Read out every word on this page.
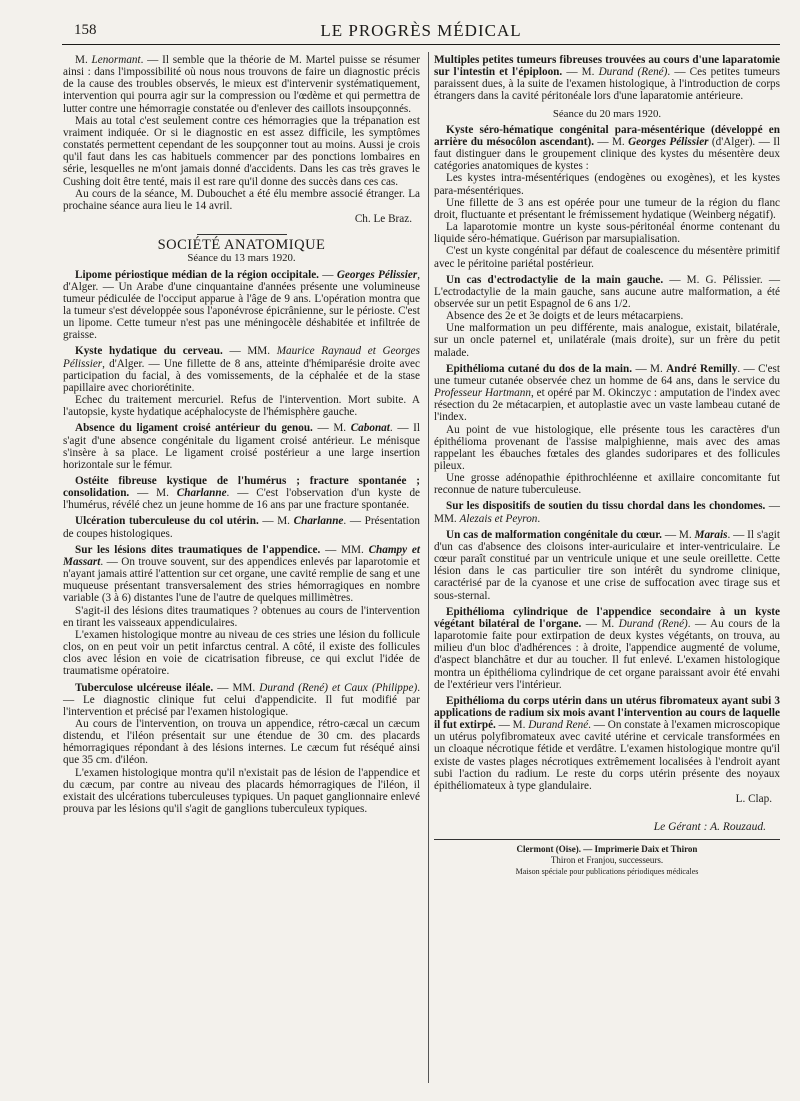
158	LE PROGRÈS MÉDICAL

M. Lenormant. — Il semble que la théorie de M. Martel puisse se résumer ainsi : dans l'impossibilité où nous nous trouvons de faire un diagnostic précis de la cause des troubles observés, le mieux est d'intervenir systématiquement, intervention qui pourra agir sur la compression ou l'œdème et qui permettra de lutter contre une hémorragie constatée ou d'enlever des caillots insoupçonnés.

Mais au total c'est seulement contre ces hémorragies que la trépanation est vraiment indiquée. Or si le diagnostic en est assez difficile, les symptômes constatés permettent cependant de les soupçonner tout au moins. Aussi je crois qu'il faut dans les cas habituels commencer par des ponctions lombaires en série, lesquelles ne m'ont jamais donné d'accidents. Dans les cas très graves le Cushing doit être tenté, mais il est rare qu'il donne des succès dans ces cas.

Au cours de la séance, M. Dubouchet a été élu membre associé étranger. La prochaine séance aura lieu le 14 avril.

Ch. Le Braz.
SOCIÉTÉ ANATOMIQUE
Séance du 13 mars 1920.

Lipome périostique médian de la région occipitale. — Georges Pélissier, d'Alger. — Un Arabe d'une cinquantaine d'années présente une volumineuse tumeur pédiculée de l'occiput apparue à l'âge de 9 ans. L'opération montra que la tumeur s'est développée sous l'aponévrose épicrânienne, sur le périoste. C'est un lipome. Cette tumeur n'est pas une méningocèle déshabitée et infiltrée de graisse.

Kyste hydatique du cerveau. — MM. Maurice Raynaud et Georges Pélissier, d'Alger. — Une fillette de 8 ans, atteinte d'hémiparésie droite avec participation du facial, à des vomissements, de la céphalée et de la stase papillaire avec choriorétinite.

Echec du traitement mercuriel. Refus de l'intervention. Mort subite. A l'autopsie, kyste hydatique acéphalocyste de l'hémisphère gauche.

Absence du ligament croisé antérieur du genou. — M. Cabonat. — Il s'agit d'une absence congénitale du ligament croisé antérieur. Le ménisque s'insère à sa place. Le ligament croisé postérieur a une large insertion horizontale sur le fémur.

Ostéite fibreuse kystique de l'humérus ; fracture spontanée ; consolidation. — M. Charlanne. — C'est l'observation d'un kyste de l'humérus, révélé chez un jeune homme de 16 ans par une fracture spontanée.

Ulcération tuberculeuse du col utérin. — M. Charlanne. — Présentation de coupes histologiques.

Sur les lésions dites traumatiques de l'appendice. — MM. Champy et Massart. — On trouve souvent, sur des appendices enlevés par laparotomie et n'ayant jamais attiré l'attention sur cet organe, une cavité remplie de sang et une muqueuse présentant transversalement des stries hémorragiques en nombre variable (3 à 6) distantes l'une de l'autre de quelques millimètres.

S'agit-il des lésions dites traumatiques ? obtenues au cours de l'intervention en tirant les vaisseaux appendiculaires.

L'examen histologique montre au niveau de ces stries une lésion du follicule clos, on en peut voir un petit infarctus central. A côté, il existe des follicules clos avec lésion en voie de cicatrisation fibreuse, ce qui exclut l'idée de traumatisme opératoire.

Tuberculose ulcéreuse iléale. — MM. Durand (René) et Caux (Philippe). — Le diagnostic clinique fut celui d'appendicite. Il fut modifié par l'intervention et précisé par l'examen histologique.

Au cours de l'intervention, on trouva un appendice, rétro-cæcal un cæcum distendu, et l'iléon présentait sur une étendue de 30 cm. des placards hémorragiques répondant à des lésions internes. Le cæcum fut réséqué ainsi que 35 cm. d'iléon.

L'examen histologique montra qu'il n'existait pas de lésion de l'appendice et du cæcum, par contre au niveau des placards hémorragiques de l'iléon, il existait des ulcérations tuberculeuses typiques. Un paquet ganglionnaire enlevé prouva par les lésions qu'il s'agit de ganglions tuberculeux typiques.

Multiples petites tumeurs fibreuses trouvées au cours d'une laparatomie sur l'intestin et l'épiploon. — M. Durand (René). — Ces petites tumeurs paraissent dues, à la suite de l'examen histologique, à l'introduction de corps étrangers dans la cavité péritonéale lors d'une laparatomie antérieure.

Séance du 20 mars 1920.

Kyste séro-hématique congénital para-mésentérique (développé en arrière du mésocôlon ascendant). — M. Georges Pélissier (d'Alger). — Il faut distinguer dans le groupement clinique des kystes du mésentère deux catégories anatomiques de kystes :

Les kystes intra-mésentériques (endogènes ou exogènes), et les kystes para-mésentériques.

Une fillette de 3 ans est opérée pour une tumeur de la région du flanc droit, fluctuante et présentant le frémissement hydatique (Weinberg négatif).

La laparotomie montre un kyste sous-péritonéal énorme contenant du liquide séro-hématique. Guérison par marsupialisation.

C'est un kyste congénital par défaut de coalescence du mésentère primitif avec le péritoine pariétal postérieur.

Un cas d'ectrodactylie de la main gauche. — M. G. Pélissier. — L'ectrodactylie de la main gauche, sans aucune autre malformation, a été observée sur un petit Espagnol de 6 ans 1/2.

Absence des 2e et 3e doigts et de leurs métacarpiens.

Une malformation un peu différente, mais analogue, existait, bilatérale, sur un oncle paternel et, unilatérale (mais droite), sur un frère du petit malade.

Epithélioma cutané du dos de la main. — M. André Remilly. — C'est une tumeur cutanée observée chez un homme de 64 ans, dans le service du Professeur Hartmann, et opéré par M. Okinczyc : amputation de l'index avec résection du 2e métacarpien, et autoplastie avec un vaste lambeau cutané de l'index.

Au point de vue histologique, elle présente tous les caractères d'un épithélioma provenant de l'assise malpighienne, mais avec des amas rappelant les ébauches fœtales des glandes sudoripares et des follicules pileux.

Une grosse adénopathie épithrochléenne et axillaire concomitante fut reconnue de nature tuberculeuse.

Sur les dispositifs de soutien du tissu chordal dans les chondomes. — MM. Alezais et Peyron.

Un cas de malformation congénitale du cœur. — M. Marais. — Il s'agit d'un cas d'absence des cloisons inter-auriculaire et inter-ventriculaire. Le cœur paraît constitué par un ventricule unique et une seule oreillette. Cette lésion dans le cas particulier tire son intérêt du syndrome clinique, caractérisé par de la cyanose et une crise de suffocation avec tirage sus et sous-sternal.

Epithélioma cylindrique de l'appendice secondaire à un kyste végétant bilatéral de l'organe. — M. Durand (René). — Au cours de la laparotomie faite pour extirpation de deux kystes végétants, on trouva, au milieu d'un bloc d'adhérences : à droite, l'appendice augmenté de volume, d'aspect blanchâtre et dur au toucher. Il fut enlevé. L'examen histologique montra un épithélioma cylindrique de cet organe paraissant avoir été envahi de l'extérieur vers l'intérieur.

Epithélioma du corps utérin dans un utérus fibromateux ayant subi 3 applications de radium six mois avant l'intervention au cours de laquelle il fut extirpé. — M. Durand René. — On constate à l'examen microscopique un utérus polyfibromateux avec cavité utérine et cervicale transformées en un cloaque nécrotique fétide et verdâtre. L'examen histologique montre qu'il existe de vastes plages nécrotiques extrêmement localisées à l'endroit ayant subi l'action du radium. Le reste du corps utérin présente des noyaux épithéliomateux à type glandulaire.

L. Clap.
Le Gérant : A. Rouzaud.
Clermont (Oise). — Imprimerie Daix et Thiron
Thiron et Franjou, successeurs.
Maison spéciale pour publications périodiques médicales
